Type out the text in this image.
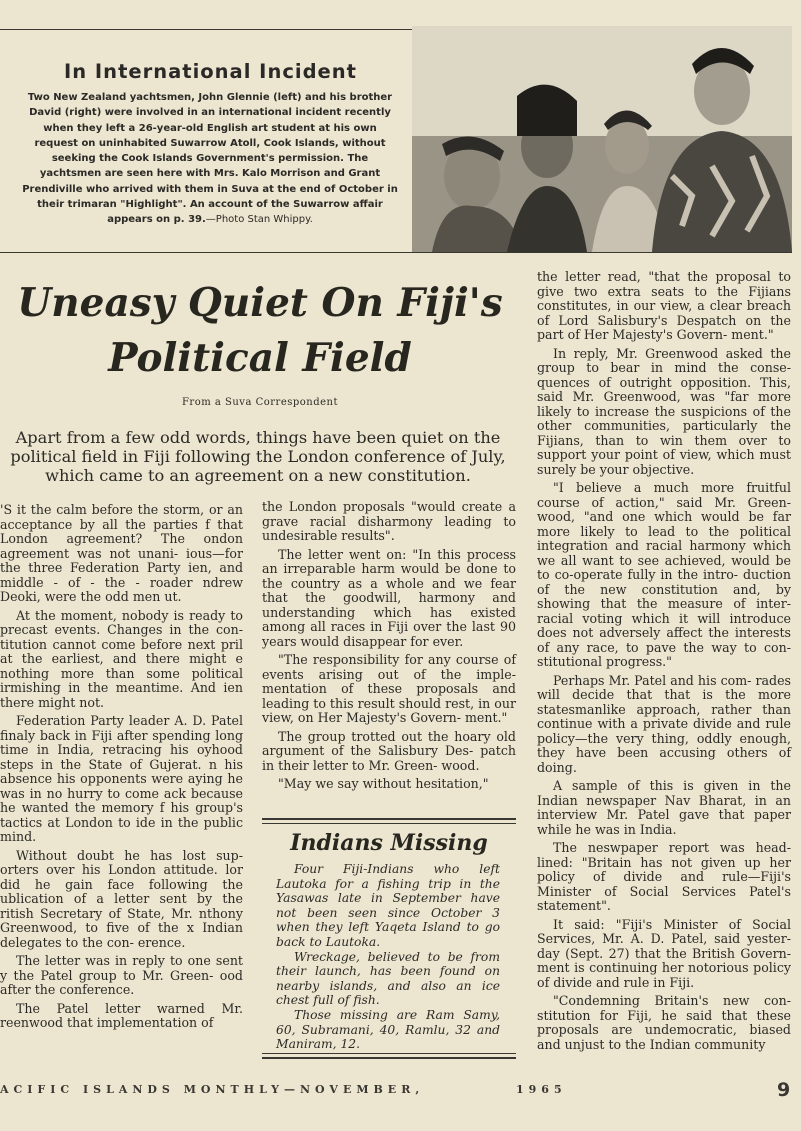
In International Incident
Two New Zealand yachtsmen, John Glennie (left) and his brother David (right) were involved in an international incident recently when they left a 26-year-old English art student at his own request on uninhabited Suwarrow Atoll, Cook Islands, without seeking the Cook Islands Government's permission. The yachtsmen are seen here with Mrs. Kalo Morrison and Grant Prendiville who arrived with them in Suva at the end of October in their trimaran "Highlight". An account of the Suwarrow affair appears on p. 39.—Photo Stan Whippy.
Uneasy Quiet On Fiji's
Political Field
From a Suva Correspondent
Apart from a few odd words, things have been quiet on the political field in Fiji following the London conference of July, which came to an agreement on a new constitution.

'S it the calm before the storm, or an acceptance by all the parties f that London agreement? The ondon agreement was not unani- ious—for the three Federation Party ien, and middle - of - the - roader ndrew Deoki, were the odd men ut.

At the moment, nobody is ready to precast events. Changes in the con- titution cannot come before next pril at the earliest, and there might e nothing more than some political irmishing in the meantime. And ien there might not.

Federation Party leader A. D. Patel finaly back in Fiji after spending long time in India, retracing his oyhood steps in the State of Gujerat. n his absence his opponents were aying he was in no hurry to come ack because he wanted the memory f his group's tactics at London to ide in the public mind.

Without doubt he has lost sup- orters over his London attitude. lor did he gain face following the ublication of a letter sent by the ritish Secretary of State, Mr. nthony Greenwood, to five of the x Indian delegates to the con- erence.

The letter was in reply to one sent y the Patel group to Mr. Green- ood after the conference.

The Patel letter warned Mr. reenwood that implementation of

the London proposals "would create a grave racial disharmony leading to undesirable results".

The letter went on: "In this process an irreparable harm would be done to the country as a whole and we fear that the goodwill, harmony and understanding which has existed among all races in Fiji over the last 90 years would disappear for ever.

"The responsibility for any course of events arising out of the imple- mentation of these proposals and leading to this result should rest, in our view, on Her Majesty's Govern- ment."

The group trotted out the hoary old argument of the Salisbury Des- patch in their letter to Mr. Green- wood.

"May we say without hesitation,"

Indians Missing

Four Fiji-Indians who left Lautoka for a fishing trip in the Yasawas late in September have not been seen since October 3 when they left Yaqeta Island to go back to Lautoka.

Wreckage, believed to be from their launch, has been found on nearby islands, and also an ice chest full of fish.

Those missing are Ram Samy, 60, Subramani, 40, Ramlu, 32 and Maniram, 12.

the letter read, "that the proposal to give two extra seats to the Fijians constitutes, in our view, a clear breach of Lord Salisbury's Despatch on the part of Her Majesty's Govern- ment."

In reply, Mr. Greenwood asked the group to bear in mind the conse- quences of outright opposition. This, said Mr. Greenwood, was "far more likely to increase the suspicions of the other communities, particularly the Fijians, than to win them over to support your point of view, which must surely be your objective.

"I believe a much more fruitful course of action," said Mr. Green- wood, "and one which would be far more likely to lead to the political integration and racial harmony which we all want to see achieved, would be to co-operate fully in the intro- duction of the new constitution and, by showing that the measure of inter- racial voting which it will introduce does not adversely affect the interests of any race, to pave the way to con- stitutional progress."

Perhaps Mr. Patel and his com- rades will decide that that is the more statesmanlike approach, rather than continue with a private divide and rule policy—the very thing, oddly enough, they have been accusing others of doing.

A sample of this is given in the Indian newspaper Nav Bharat, in an interview Mr. Patel gave that paper while he was in India.

The neswpaper report was head- lined: "Britain has not given up her policy of divide and rule—Fiji's Minister of Social Services Patel's statement".

It said: "Fiji's Minister of Social Services, Mr. A. D. Patel, said yester- day (Sept. 27) that the British Govern- ment is continuing her notorious policy of divide and rule in Fiji.

"Condemning Britain's new con- stitution for Fiji, he said that these proposals are undemocratic, biased and unjust to the Indian community

ACIFIC ISLANDS MONTHLY—NOVEMBER,	1965	9
